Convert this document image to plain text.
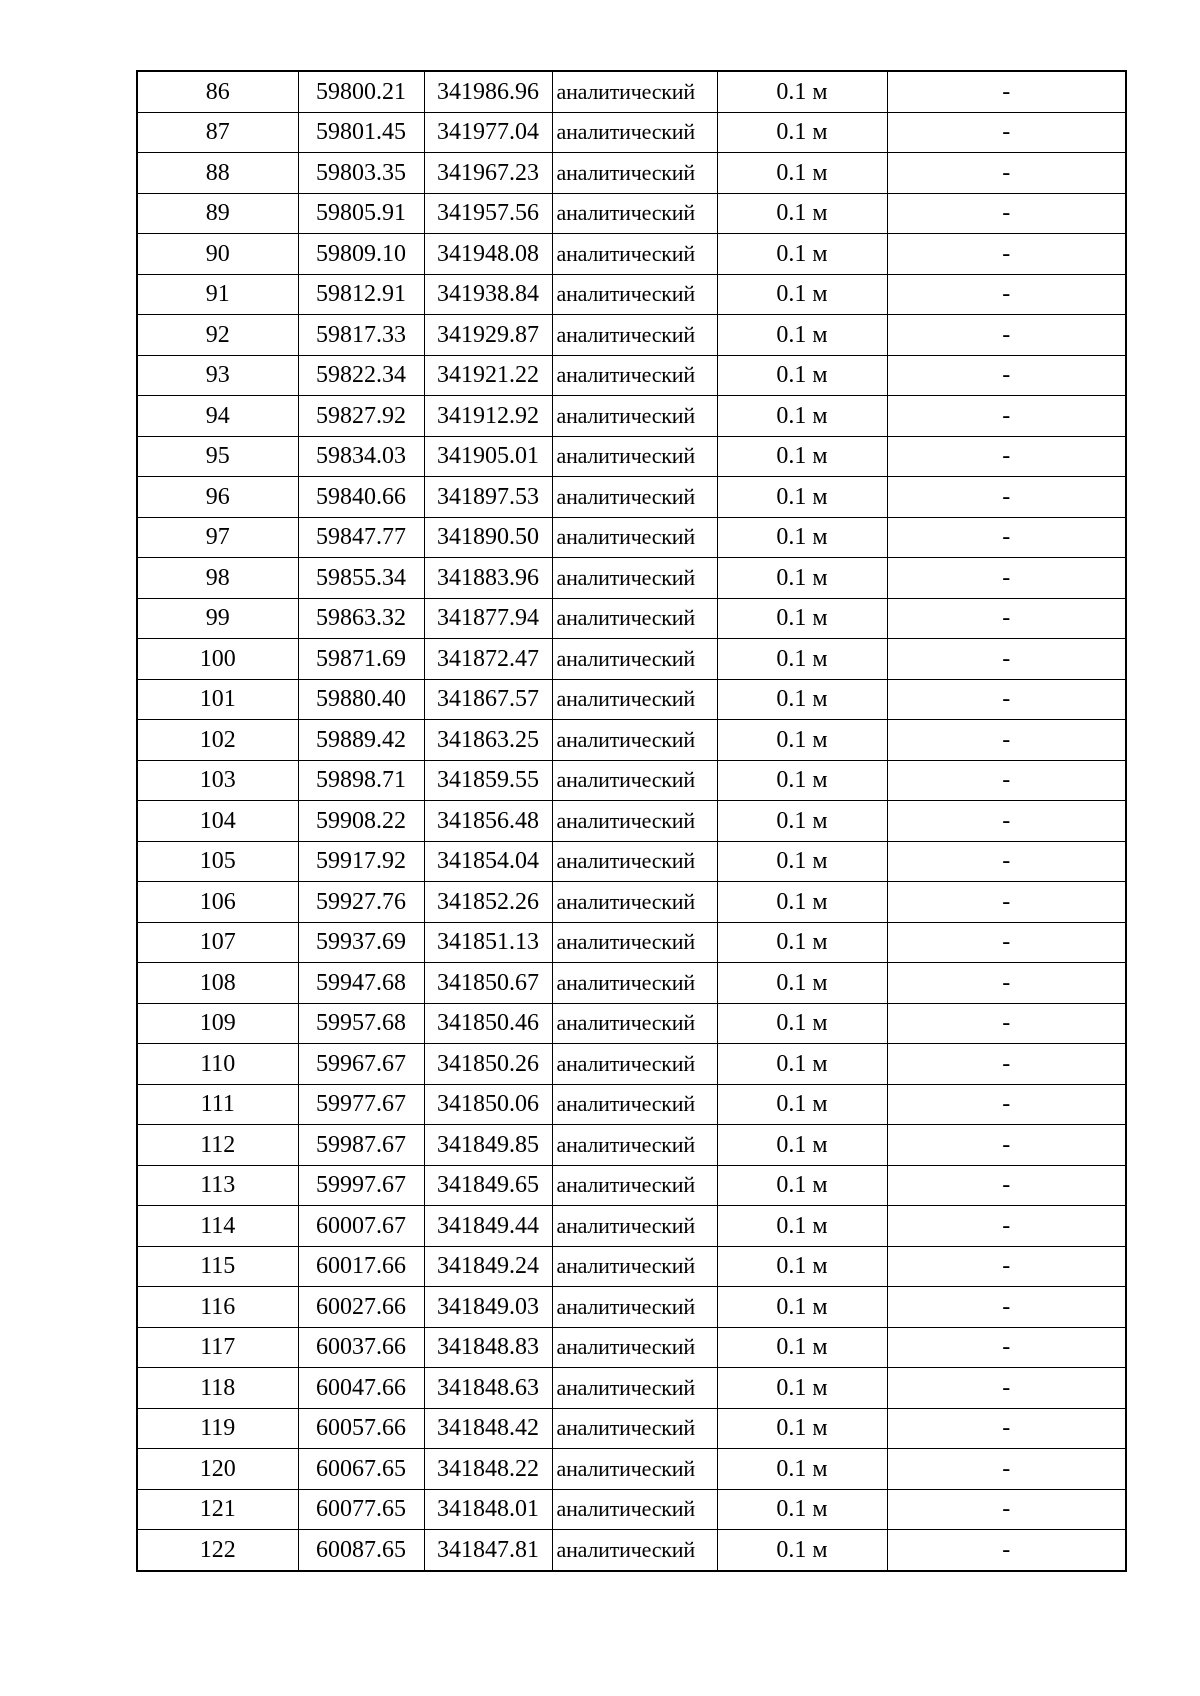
86	59800.21	341986.96	аналитический	0.1 м	-
87	59801.45	341977.04	аналитический	0.1 м	-
88	59803.35	341967.23	аналитический	0.1 м	-
89	59805.91	341957.56	аналитический	0.1 м	-
90	59809.10	341948.08	аналитический	0.1 м	-
91	59812.91	341938.84	аналитический	0.1 м	-
92	59817.33	341929.87	аналитический	0.1 м	-
93	59822.34	341921.22	аналитический	0.1 м	-
94	59827.92	341912.92	аналитический	0.1 м	-
95	59834.03	341905.01	аналитический	0.1 м	-
96	59840.66	341897.53	аналитический	0.1 м	-
97	59847.77	341890.50	аналитический	0.1 м	-
98	59855.34	341883.96	аналитический	0.1 м	-
99	59863.32	341877.94	аналитический	0.1 м	-
100	59871.69	341872.47	аналитический	0.1 м	-
101	59880.40	341867.57	аналитический	0.1 м	-
102	59889.42	341863.25	аналитический	0.1 м	-
103	59898.71	341859.55	аналитический	0.1 м	-
104	59908.22	341856.48	аналитический	0.1 м	-
105	59917.92	341854.04	аналитический	0.1 м	-
106	59927.76	341852.26	аналитический	0.1 м	-
107	59937.69	341851.13	аналитический	0.1 м	-
108	59947.68	341850.67	аналитический	0.1 м	-
109	59957.68	341850.46	аналитический	0.1 м	-
110	59967.67	341850.26	аналитический	0.1 м	-
111	59977.67	341850.06	аналитический	0.1 м	-
112	59987.67	341849.85	аналитический	0.1 м	-
113	59997.67	341849.65	аналитический	0.1 м	-
114	60007.67	341849.44	аналитический	0.1 м	-
115	60017.66	341849.24	аналитический	0.1 м	-
116	60027.66	341849.03	аналитический	0.1 м	-
117	60037.66	341848.83	аналитический	0.1 м	-
118	60047.66	341848.63	аналитический	0.1 м	-
119	60057.66	341848.42	аналитический	0.1 м	-
120	60067.65	341848.22	аналитический	0.1 м	-
121	60077.65	341848.01	аналитический	0.1 м	-
122	60087.65	341847.81	аналитический	0.1 м	-
